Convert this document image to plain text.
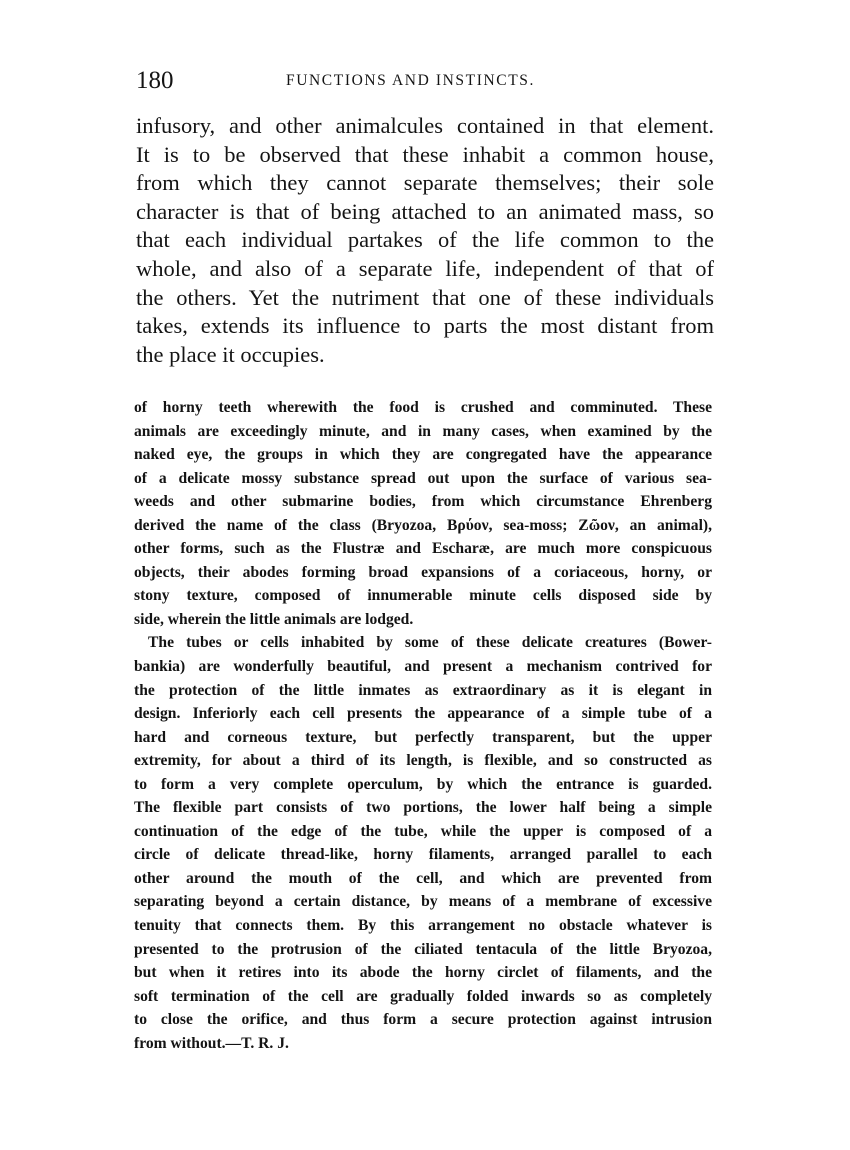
180	FUNCTIONS AND INSTINCTS.
infusory, and other animalcules contained in that element.
It is to be observed that these inhabit a common house,
from which they cannot separate themselves; their sole
character is that of being attached to an animated mass, so
that each individual partakes of the life common to the
whole, and also of a separate life, independent of that of
the others. Yet the nutriment that one of these individuals
takes, extends its influence to parts the most distant from
the place it occupies.
of horny teeth wherewith the food is crushed and comminuted. These
animals are exceedingly minute, and in many cases, when examined by the
naked eye, the groups in which they are congregated have the appearance
of a delicate mossy substance spread out upon the surface of various sea-
weeds and other submarine bodies, from which circumstance Ehrenberg
derived the name of the class (Bryozoa, Βρύον, sea-moss; Ζῶον, an animal),
other forms, such as the Flustræ and Escharæ, are much more conspicuous
objects, their abodes forming broad expansions of a coriaceous, horny, or
stony texture, composed of innumerable minute cells disposed side by
side, wherein the little animals are lodged.
The tubes or cells inhabited by some of these delicate creatures (Bower-
bankia) are wonderfully beautiful, and present a mechanism contrived for
the protection of the little inmates as extraordinary as it is elegant in
design. Inferiorly each cell presents the appearance of a simple tube of a
hard and corneous texture, but perfectly transparent, but the upper
extremity, for about a third of its length, is flexible, and so constructed as
to form a very complete operculum, by which the entrance is guarded.
The flexible part consists of two portions, the lower half being a simple
continuation of the edge of the tube, while the upper is composed of a
circle of delicate thread-like, horny filaments, arranged parallel to each
other around the mouth of the cell, and which are prevented from
separating beyond a certain distance, by means of a membrane of excessive
tenuity that connects them. By this arrangement no obstacle whatever is
presented to the protrusion of the ciliated tentacula of the little Bryozoa,
but when it retires into its abode the horny circlet of filaments, and the
soft termination of the cell are gradually folded inwards so as completely
to close the orifice, and thus form a secure protection against intrusion
from without.—T. R. J.
